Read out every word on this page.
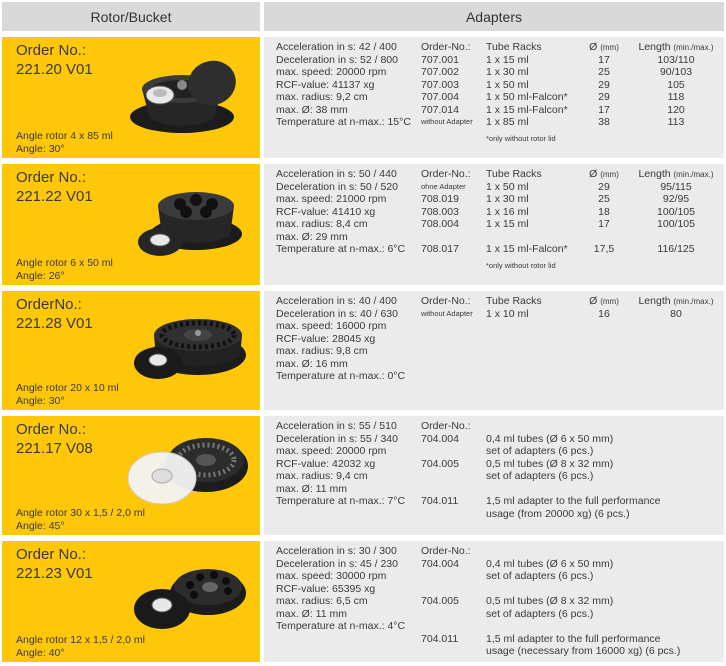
Rotor/Bucket	Adapters
Order No.:
221.20 V01
Angle rotor 4 x 85 ml
Angle: 30°
Acceleration in s: 42 / 400
Deceleration in s: 52 / 800
max. speed: 20000 rpm
RCF-value: 41137 xg
max. radius: 9,2 cm
max. Ø: 38 mm
Temperature at n-max.: 15°C
Order-No.:
707.001
707.002
707.003
707.004
707.014
without Adapter
Tube Racks
1 x 15 ml
1 x 30 ml
1 x 50 ml
1 x 50 ml-Falcon*
1 x 15 ml-Falcon*
1 x 85 ml
Ø (mm)
17
25
29
29
17
38
Length (min./max.)
103/110
90/103
105
118
120
113
*only without rotor lid
Order No.:
221.22 V01
Angle rotor 6 x 50 ml
Angle: 26°
Acceleration in s: 50 / 440
Deceleration in s: 50 / 520
max. speed: 21000 rpm
RCF-value: 41410 xg
max. radius: 8,4 cm
max. Ø: 29 mm
Temperature at n-max.: 6°C
Order-No.:
ohne Adapter
708.019
708.003
708.004
708.017
Tube Racks
1 x 50 ml
1 x 30 ml
1 x 16 ml
1 x 15 ml
1 x 15 ml-Falcon*
Ø (mm)
29
25
18
17
17,5
Length (min./max.)
95/115
92/95
100/105
100/105
116/125
*only without rotor lid
OrderNo.:
221.28 V01
Angle rotor 20 x 10 ml
Angle: 30°
Acceleration in s: 40 / 400
Deceleration in s: 40 / 630
max. speed: 16000 rpm
RCF-value: 28045 xg
max. radius: 9,8 cm
max. Ø: 16 mm
Temperature at n-max.: 0°C
Order-No.:
without Adapter
Tube Racks
1 x 10 ml
Ø (mm)
16
Length (min./max.)
80
Order No.:
221.17 V08
Angle rotor 30 x 1,5 / 2,0 ml
Angle: 45°
Acceleration in s: 55 / 510
Deceleration in s: 55 / 340
max. speed: 20000 rpm
RCF-value: 42032 xg
max. radius: 9,4 cm
max. Ø: 11 mm
Temperature at n-max.: 7°C
Order-No.:
704.004
704.005
704.011
0,4 ml tubes (Ø 6 x 50 mm)
set of adapters (6 pcs.)
0,5 ml tubes (Ø 8 x 32 mm)
set of adapters (6 pcs.)
1,5 ml adapter to the full performance
usage (from 20000 xg) (6 pcs.)
Order No.:
221.23 V01
Angle rotor 12 x 1,5 / 2,0 ml
Angle: 40°
Acceleration in s: 30 / 300
Deceleration in s: 45 / 230
max. speed: 30000 rpm
RCF-value: 65395 xg
max. radius: 6,5 cm
max. Ø: 11 mm
Temperature at n-max.: 4°C
Order-No.:
704.004
704.005
704.011
0,4 ml tubes (Ø 6 x 50 mm)
set of adapters (6 pcs.)
0,5 ml tubes (Ø 8 x 32 mm)
set of adapters (6 pcs.)
1,5 ml adapter to the full performance
usage (necessary from 16000 xg) (6 pcs.)
